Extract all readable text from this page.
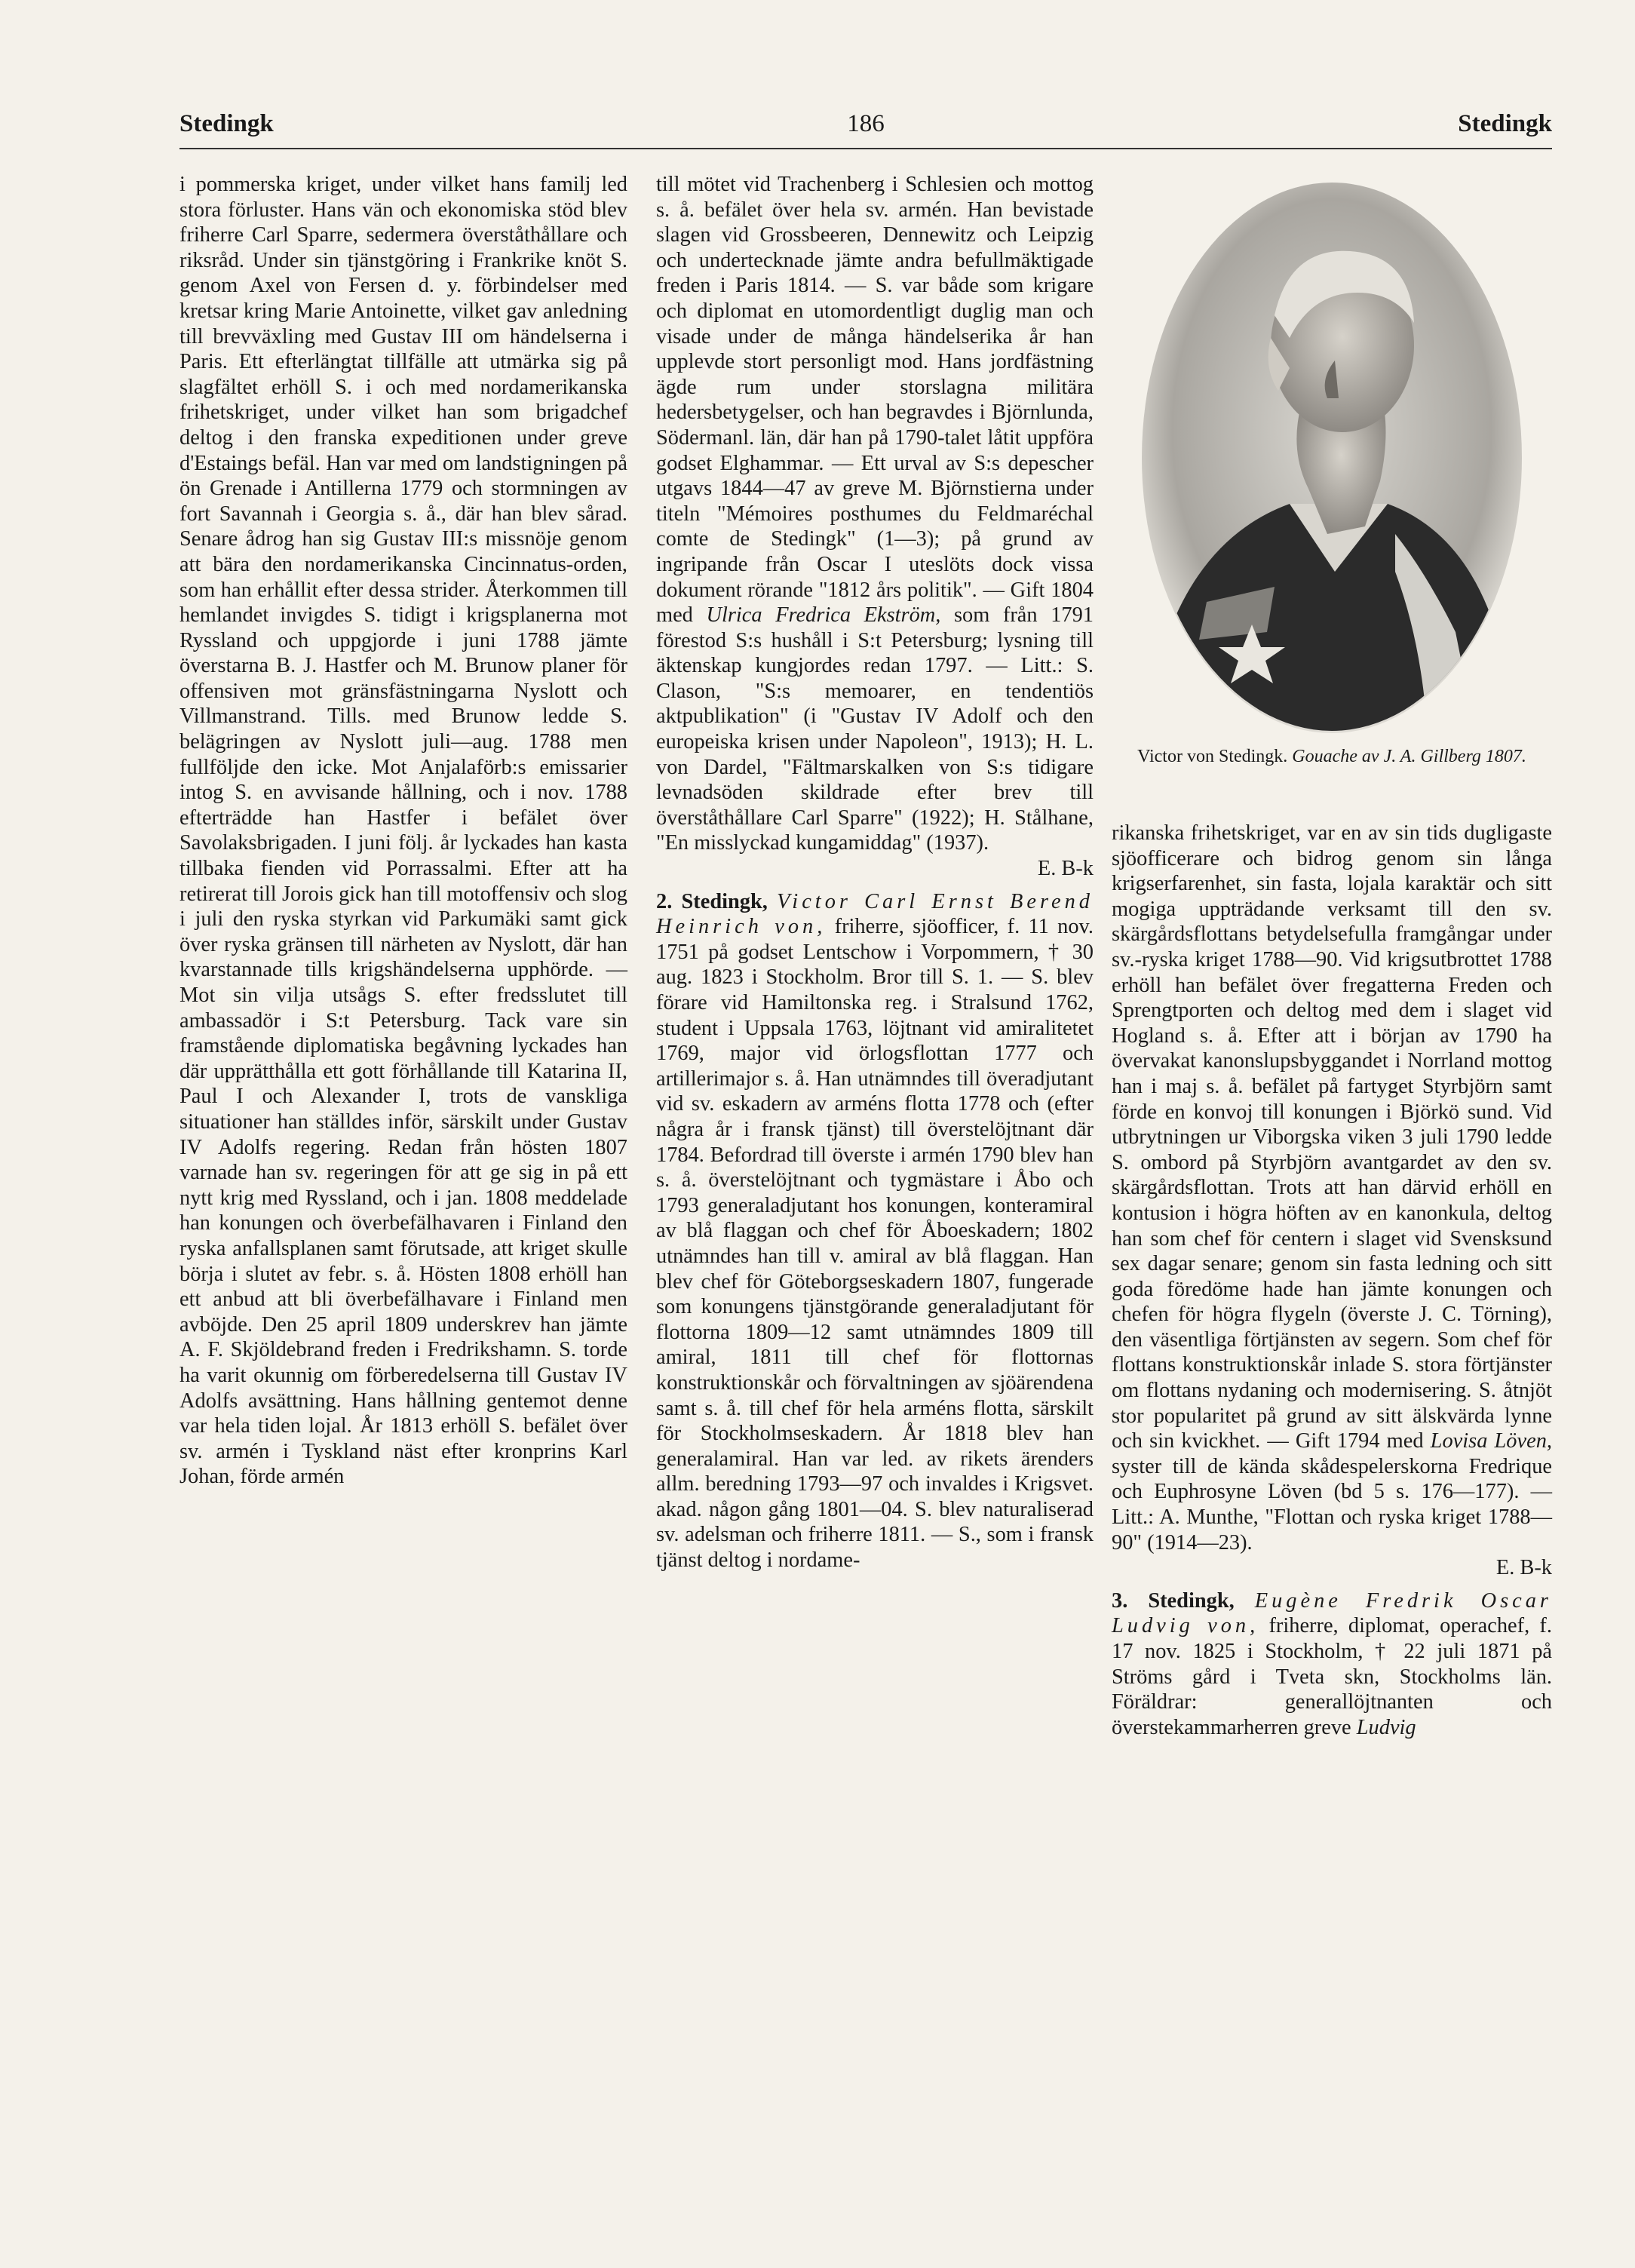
Stedingk	186	Stedingk

i pommerska kriget, under vilket hans familj led stora förluster. Hans vän och ekonomiska stöd blev friherre Carl Sparre, sedermera överståthållare och riksråd. Under sin tjänstgöring i Frankrike knöt S. genom Axel von Fersen d. y. förbindelser med kretsar kring Marie Antoinette, vilket gav anledning till brevväxling med Gustav III om händelserna i Paris. Ett efterlängtat tillfälle att utmärka sig på slagfältet erhöll S. i och med nordamerikanska frihetskriget, under vilket han som brigadchef deltog i den franska expeditionen under greve d'Estaings befäl. Han var med om landstigningen på ön Grenade i Antillerna 1779 och stormningen av fort Savannah i Georgia s. å., där han blev sårad. Senare ådrog han sig Gustav III:s missnöje genom att bära den nordamerikanska Cincinnatus-orden, som han erhållit efter dessa strider. Återkommen till hemlandet invigdes S. tidigt i krigsplanerna mot Ryssland och uppgjorde i juni 1788 jämte överstarna B. J. Hastfer och M. Brunow planer för offensiven mot gränsfästningarna Nyslott och Villmanstrand. Tills. med Brunow ledde S. belägringen av Nyslott juli—aug. 1788 men fullföljde den icke. Mot Anjalaförb:s emissarier intog S. en avvisande hållning, och i nov. 1788 efterträdde han Hastfer i befälet över Savolaksbrigaden. I juni följ. år lyckades han kasta tillbaka fienden vid Porrassalmi. Efter att ha retirerat till Jorois gick han till motoffensiv och slog i juli den ryska styrkan vid Parkumäki samt gick över ryska gränsen till närheten av Nyslott, där han kvarstannade tills krigshändelserna upphörde. — Mot sin vilja utsågs S. efter fredsslutet till ambassadör i S:t Petersburg. Tack vare sin framstående diplomatiska begåvning lyckades han där upprätthålla ett gott förhållande till Katarina II, Paul I och Alexander I, trots de vanskliga situationer han ställdes inför, särskilt under Gustav IV Adolfs regering. Redan från hösten 1807 varnade han sv. regeringen för att ge sig in på ett nytt krig med Ryssland, och i jan. 1808 meddelade han konungen och överbefälhavaren i Finland den ryska anfallsplanen samt förutsade, att kriget skulle börja i slutet av febr. s. å. Hösten 1808 erhöll han ett anbud att bli överbefälhavare i Finland men avböjde. Den 25 april 1809 underskrev han jämte A. F. Skjöldebrand freden i Fredrikshamn. S. torde ha varit okunnig om förberedelserna till Gustav IV Adolfs avsättning. Hans hållning gentemot denne var hela tiden lojal. År 1813 erhöll S. befälet över sv. armén i Tyskland näst efter kronprins Karl Johan, förde armén

till mötet vid Trachenberg i Schlesien och mottog s. å. befälet över hela sv. armén. Han bevistade slagen vid Grossbeeren, Dennewitz och Leipzig och undertecknade jämte andra befullmäktigade freden i Paris 1814. — S. var både som krigare och diplomat en utomordentligt duglig man och visade under de många händelserika år han upplevde stort personligt mod. Hans jordfästning ägde rum under storslagna militära hedersbetygelser, och han begravdes i Björnlunda, Södermanl. län, där han på 1790-talet låtit uppföra godset Elghammar. — Ett urval av S:s depescher utgavs 1844—47 av greve M. Björnstierna under titeln "Mémoires posthumes du Feldmaréchal comte de Stedingk" (1—3); på grund av ingripande från Oscar I uteslöts dock vissa dokument rörande "1812 års politik". — Gift 1804 med Ulrica Fredrica Ekström, som från 1791 förestod S:s hushåll i S:t Petersburg; lysning till äktenskap kungjordes redan 1797. — Litt.: S. Clason, "S:s memoarer, en tendentiös aktpublikation" (i "Gustav IV Adolf och den europeiska krisen under Napoleon", 1913); H. L. von Dardel, "Fältmarskalken von S:s tidigare levnadsöden skildrade efter brev till överståthållare Carl Sparre" (1922); H. Stålhane, "En misslyckad kungamiddag" (1937).
E. B-k

2. Stedingk, Victor Carl Ernst Berend Heinrich von, friherre, sjöofficer, f. 11 nov. 1751 på godset Lentschow i Vorpommern, † 30 aug. 1823 i Stockholm. Bror till S. 1. — S. blev förare vid Hamiltonska reg. i Stralsund 1762, student i Uppsala 1763, löjtnant vid amiralitetet 1769, major vid örlogsflottan 1777 och artillerimajor s. å. Han utnämndes till överadjutant vid sv. eskadern av arméns flotta 1778 och (efter några år i fransk tjänst) till överstelöjtnant där 1784. Befordrad till överste i armén 1790 blev han s. å. överstelöjtnant och tygmästare i Åbo och 1793 generaladjutant hos konungen, konteramiral av blå flaggan och chef för Åboeskadern; 1802 utnämndes han till v. amiral av blå flaggan. Han blev chef för Göteborgseskadern 1807, fungerade som konungens tjänstgörande generaladjutant för flottorna 1809—12 samt utnämndes 1809 till amiral, 1811 till chef för flottornas konstruktionskår och förvaltningen av sjöärendena samt s. å. till chef för hela arméns flotta, särskilt för Stockholmseskadern. År 1818 blev han generalamiral. Han var led. av rikets ärenders allm. beredning 1793—97 och invaldes i Krigsvet. akad. någon gång 1801—04. S. blev naturaliserad sv. adelsman och friherre 1811. — S., som i fransk tjänst deltog i nordame-

Victor von Stedingk. Gouache av J. A. Gillberg 1807.

rikanska frihetskriget, var en av sin tids dugligaste sjöofficerare och bidrog genom sin långa krigserfarenhet, sin fasta, lojala karaktär och sitt mogiga uppträdande verksamt till den sv. skärgårdsflottans betydelsefulla framgångar under sv.-ryska kriget 1788—90. Vid krigsutbrottet 1788 erhöll han befälet över fregatterna Freden och Sprengtporten och deltog med dem i slaget vid Hogland s. å. Efter att i början av 1790 ha övervakat kanonslupsbyggandet i Norrland mottog han i maj s. å. befälet på fartyget Styrbjörn samt förde en konvoj till konungen i Björkö sund. Vid utbrytningen ur Viborgska viken 3 juli 1790 ledde S. ombord på Styrbjörn avantgardet av den sv. skärgårdsflottan. Trots att han därvid erhöll en kontusion i högra höften av en kanonkula, deltog han som chef för centern i slaget vid Svensksund sex dagar senare; genom sin fasta ledning och sitt goda föredöme hade han jämte konungen och chefen för högra flygeln (överste J. C. Törning), den väsentliga förtjänsten av segern. Som chef för flottans konstruktionskår inlade S. stora förtjänster om flottans nydaning och modernisering. S. åtnjöt stor popularitet på grund av sitt älskvärda lynne och sin kvickhet. — Gift 1794 med Lovisa Löven, syster till de kända skådespelerskorna Fredrique och Euphrosyne Löven (bd 5 s. 176—177). — Litt.: A. Munthe, "Flottan och ryska kriget 1788—90" (1914—23).
E. B-k

3. Stedingk, Eugène Fredrik Oscar Ludvig von, friherre, diplomat, operachef, f. 17 nov. 1825 i Stockholm, † 22 juli 1871 på Ströms gård i Tveta skn, Stockholms län. Föräldrar: generallöjtnanten och överstekammarherren greve Ludvig
